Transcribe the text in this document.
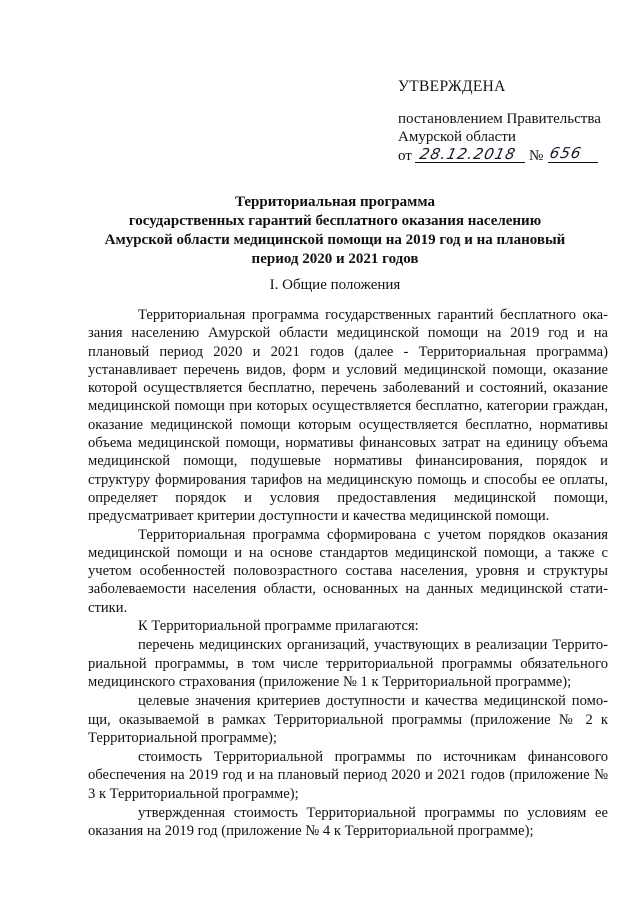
УТВЕРЖДЕНА
постановлением Правительства
Амурской области
от 28.12.2018 № 656
Территориальная программа
государственных гарантий бесплатного оказания населению
Амурской области медицинской помощи на 2019 год и на плановый
период 2020 и 2021 годов
I. Общие положения

Территориальная программа государственных гарантий бесплатного оказания населению Амурской области медицинской помощи на 2019 год и на плановый период 2020 и 2021 годов (далее - Территориальная программа) устанавливает перечень видов, форм и условий медицинской помощи, оказание которой осуществляется бесплатно, перечень заболеваний и состояний, оказание медицинской помощи при которых осуществляется бесплатно, категории граждан, оказание медицинской помощи которым осуществляется бесплатно, нормативы объема медицинской помощи, нормативы финансовых затрат на единицу объема медицинской помощи, подушевые нормативы финансирования, порядок и структуру формирования тарифов на медицинскую помощь и способы ее оплаты, определяет порядок и условия предоставления медицинской помощи, предусматривает критерии доступности и качества медицинской помощи.

Территориальная программа сформирована с учетом порядков оказания медицинской помощи и на основе стандартов медицинской помощи, а также с учетом особенностей половозрастного состава населения, уровня и структуры заболеваемости населения области, основанных на данных медицинской статистики.

К Территориальной программе прилагаются:

перечень медицинских организаций, участвующих в реализации Территориальной программы, в том числе территориальной программы обязательного медицинского страхования (приложение № 1 к Территориальной программе);

целевые значения критериев доступности и качества медицинской помощи, оказываемой в рамках Территориальной программы (приложение № 2 к Территориальной программе);

стоимость Территориальной программы по источникам финансового обеспечения на 2019 год и на плановый период 2020 и 2021 годов (приложение № 3 к Территориальной программе);

утвержденная стоимость Территориальной программы по условиям ее оказания на 2019 год (приложение № 4 к Территориальной программе);
